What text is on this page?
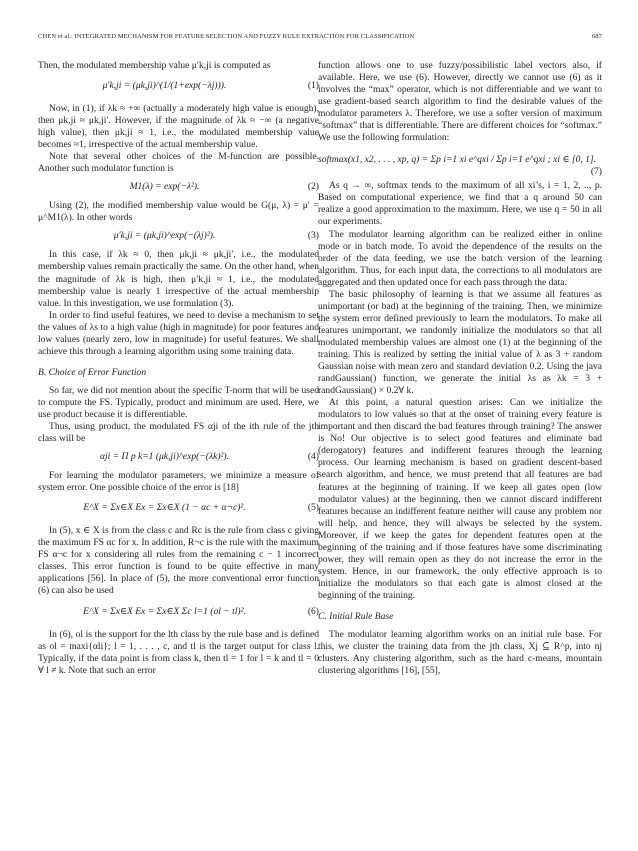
CHEN et al.: INTEGRATED MECHANISM FOR FEATURE SELECTION AND FUZZY RULE EXTRACTION FOR CLASSIFICATION	687

Then, the modulated membership value μ′k,ji is computed as

μ′k,ji = (μk,ji)^(1/(1+exp(−λj))).	(1)

Now, in (1), if λk ≈ +∞ (actually a moderately high value is enough), then μk,ji ≈ μk,ji′. However, if the magnitude of λk ≈ −∞ (a negative high value), then μk,ji ≈ 1, i.e., the modulated membership value becomes ≈1, irrespective of the actual membership value.

Note that several other choices of the M-function are possible. Another such modulator function is

M1(λ) = exp(−λ²).	(2)

Using (2), the modified membership value would be G(μ, λ) = μ′ = μ^M1(λ). In other words

μ′k,ji = (μk,ji)^exp(−(λj)²).	(3)

In this case, if λk ≈ 0, then μk,ji ≈ μk,ji′, i.e., the modulated membership values remain practically the same. On the other hand, when the magnitude of λk is high, then μ′k,ji ≈ 1, i.e., the modulated membership value is nearly 1 irrespective of the actual membership value. In this investigation, we use formulation (3).

In order to find useful features, we need to devise a mechanism to set the values of λs to a high value (high in magnitude) for poor features and low values (nearly zero, low in magnitude) for useful features. We shall achieve this through a learning algorithm using some training data.

B. Choice of Error Function

So far, we did not mention about the specific T-norm that will be used to compute the FS. Typically, product and minimum are used. Here, we use product because it is differentiable.

Thus, using product, the modulated FS αji of the ith rule of the jth class will be

αji = Π p k=1 (μk,ji)^exp(−(λk)²).	(4)

For learning the modulator parameters, we minimize a measure of system error. One possible choice of the error is [18]

E^X = Σx∈X Ex = Σx∈X (1 − αc + α¬c)².	(5)

In (5), x ∈ X is from the class c and Rc is the rule from class c giving the maximum FS αc for x. In addition, R¬c is the rule with the maximum FS α¬c for x considering all rules from the remaining c − 1 incorrect classes. This error function is found to be quite effective in many applications [56]. In place of (5), the more conventional error function (6) can also be used

E^X = Σx∈X Ex = Σx∈X Σc l=1 (ol − tl)².	(6)

In (6), ol is the support for the lth class by the rule base and is defined as ol = maxi{αli}; l = 1, . . . , c, and tl is the target output for class l. Typically, if the data point is from class k, then tl = 1 for l = k and tl = 0 ∀ l ≠ k. Note that such an error

function allows one to use fuzzy/possibilistic label vectors also, if available. Here, we use (6). However, directly we cannot use (6) as it involves the “max” operator, which is not differentiable and we want to use gradient-based search algorithm to find the desirable values of the modulator parameters λ. Therefore, we use a softer version of maximum “softmax” that is differentiable. There are different choices for “softmax.” We use the following formulation:

softmax(x1, x2, . . . , xp, q) = Σp i=1 xi e^qxi / Σp i=1 e^qxi ; xi ∈ [0, 1].
(7)

As q → ∞, softmax tends to the maximum of all xi’s, i = 1, 2, .., p. Based on computational experience, we find that a q around 50 can realize a good approximation to the maximum. Here, we use q = 50 in all our experiments.

The modulator learning algorithm can be realized either in online mode or in batch mode. To avoid the dependence of the results on the order of the data feeding, we use the batch version of the learning algorithm. Thus, for each input data, the corrections to all modulators are aggregated and then updated once for each pass through the data.

The basic philosophy of learning is that we assume all features as unimportant (or bad) at the beginning of the training. Then, we minimize the system error defined previously to learn the modulators. To make all features unimportant, we randomly initialize the modulators so that all modulated membership values are almost one (1) at the beginning of the training. This is realized by setting the initial value of λ as 3 + random Gaussian noise with mean zero and standard deviation 0.2. Using the java randGaussian() function, we generate the initial λs as λk = 3 + randGaussian() × 0.2∀ k.

At this point, a natural question arises: Can we initialize the modulators to low values so that at the onset of training every feature is important and then discard the bad features through training? The answer is No! Our objective is to select good features and eliminate bad (derogatory) features and indifferent features through the learning process. Our learning mechanism is based on gradient descent-based search algorithm, and hence, we must pretend that all features are bad features at the beginning of training. If we keep all gates open (low modulator values) at the beginning, then we cannot discard indifferent features because an indifferent feature neither will cause any problem nor will help, and hence, they will always be selected by the system. Moreover, if we keep the gates for dependent features open at the beginning of the training and if those features have some discriminating power, they will remain open as they do not increase the error in the system. Hence, in our framework, the only effective approach is to initialize the modulators so that each gate is almost closed at the beginning of the training.

C. Initial Rule Base

The modulator learning algorithm works on an initial rule base. For this, we cluster the training data from the jth class, Xj ⊆ R^p, into nj clusters. Any clustering algorithm, such as the hard c-means, mountain clustering algorithms [16], [55],
